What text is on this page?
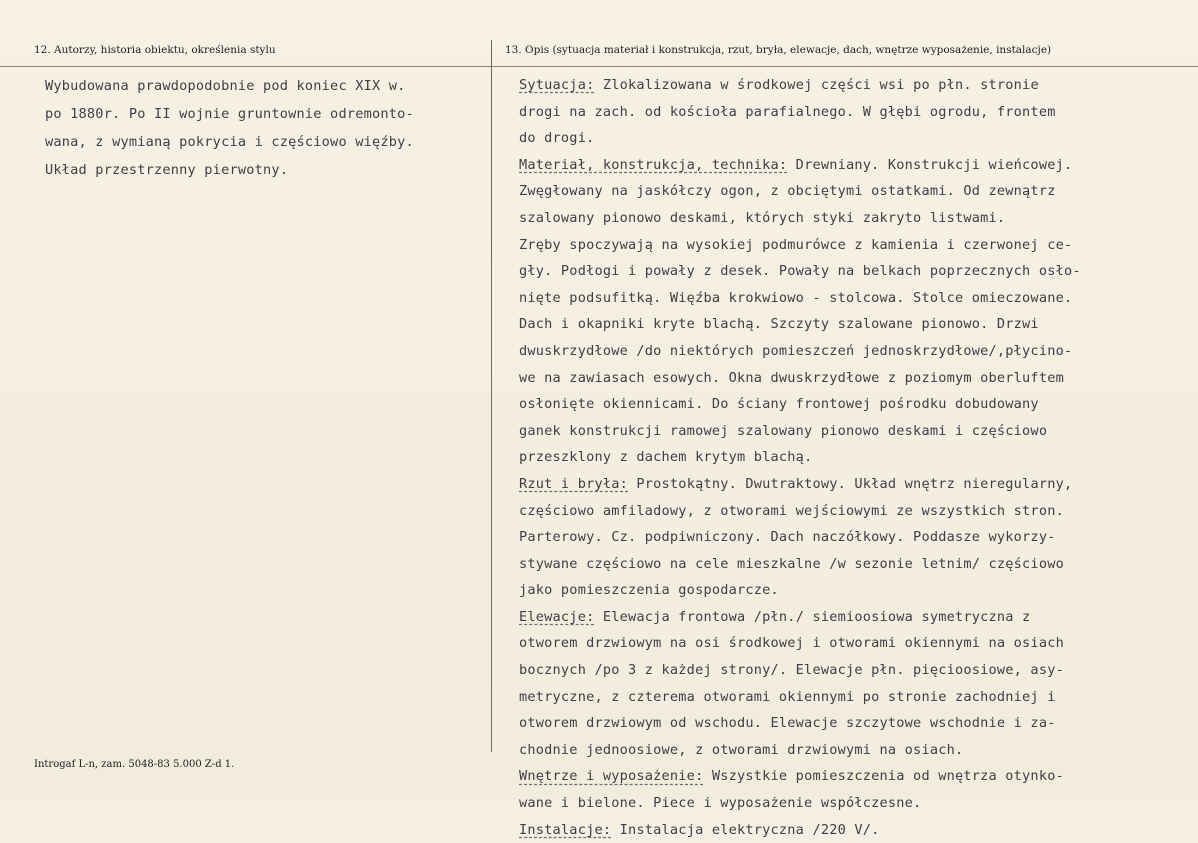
12. Autorzy, historia obiektu, określenia stylu	13. Opis (sytuacja materiał i konstrukcja, rzut, bryła, elewacje, dach, wnętrze wyposażenie, instalacje)
Wybudowana prawdopodobnie pod koniec XIX w.
po 1880r. Po II wojnie gruntownie odremonto-
wana, z wymianą pokrycia i częściowo więźby.
Układ przestrzenny pierwotny.
Sytuacja: Zlokalizowana w środkowej części wsi po płn. stronie
drogi na zach. od kościoła parafialnego. W głębi ogrodu, frontem
do drogi.
Materiał, konstrukcja, technika: Drewniany. Konstrukcji wieńcowej.
Zwęgłowany na jaskółczy ogon, z obciętymi ostatkami. Od zewnątrz
szalowany pionowo deskami, których styki zakryto listwami.
Zręby spoczywają na wysokiej podmurówce z kamienia i czerwonej ce-
gły. Podłogi i powały z desek. Powały na belkach poprzecznych osło-
nięte podsufitką. Więźba krokwiowo - stolcowa. Stolce omieczowane.
Dach i okapniki kryte blachą. Szczyty szalowane pionowo. Drzwi
dwuskrzydłowe /do niektórych pomieszczeń jednoskrzydłowe/,płycino-
we na zawiasach esowych. Okna dwuskrzydłowe z poziomym oberluftem
osłonięte okiennicami. Do ściany frontowej pośrodku dobudowany
ganek konstrukcji ramowej szalowany pionowo deskami i częściowo
przeszklony z dachem krytym blachą.
Rzut i bryła: Prostokątny. Dwutraktowy. Układ wnętrz nieregularny,
częściowo amfiladowy, z otworami wejściowymi ze wszystkich stron.
Parterowy. Cz. podpiwniczony. Dach naczółkowy. Poddasze wykorzy-
stywane częściowo na cele mieszkalne /w sezonie letnim/ częściowo
jako pomieszczenia gospodarcze.
Elewacje: Elewacja frontowa /płn./ siemioosiowa symetryczna z
otworem drzwiowym na osi środkowej i otworami okiennymi na osiach
bocznych /po 3 z każdej strony/. Elewacje płn. pięcioosiowe, asy-
metryczne, z czterema otworami okiennymi po stronie zachodniej i
otworem drzwiowym od wschodu. Elewacje szczytowe wschodnie i za-
chodnie jednoosiowe, z otworami drzwiowymi na osiach.
Wnętrze i wyposażenie: Wszystkie pomieszczenia od wnętrza otynko-
wane i bielone. Piece i wyposażenie współczesne.
Instalacje: Instalacja elektryczna /220 V/.
Introgaf L-n, zam. 5048-83 5.000 Z-d 1.
